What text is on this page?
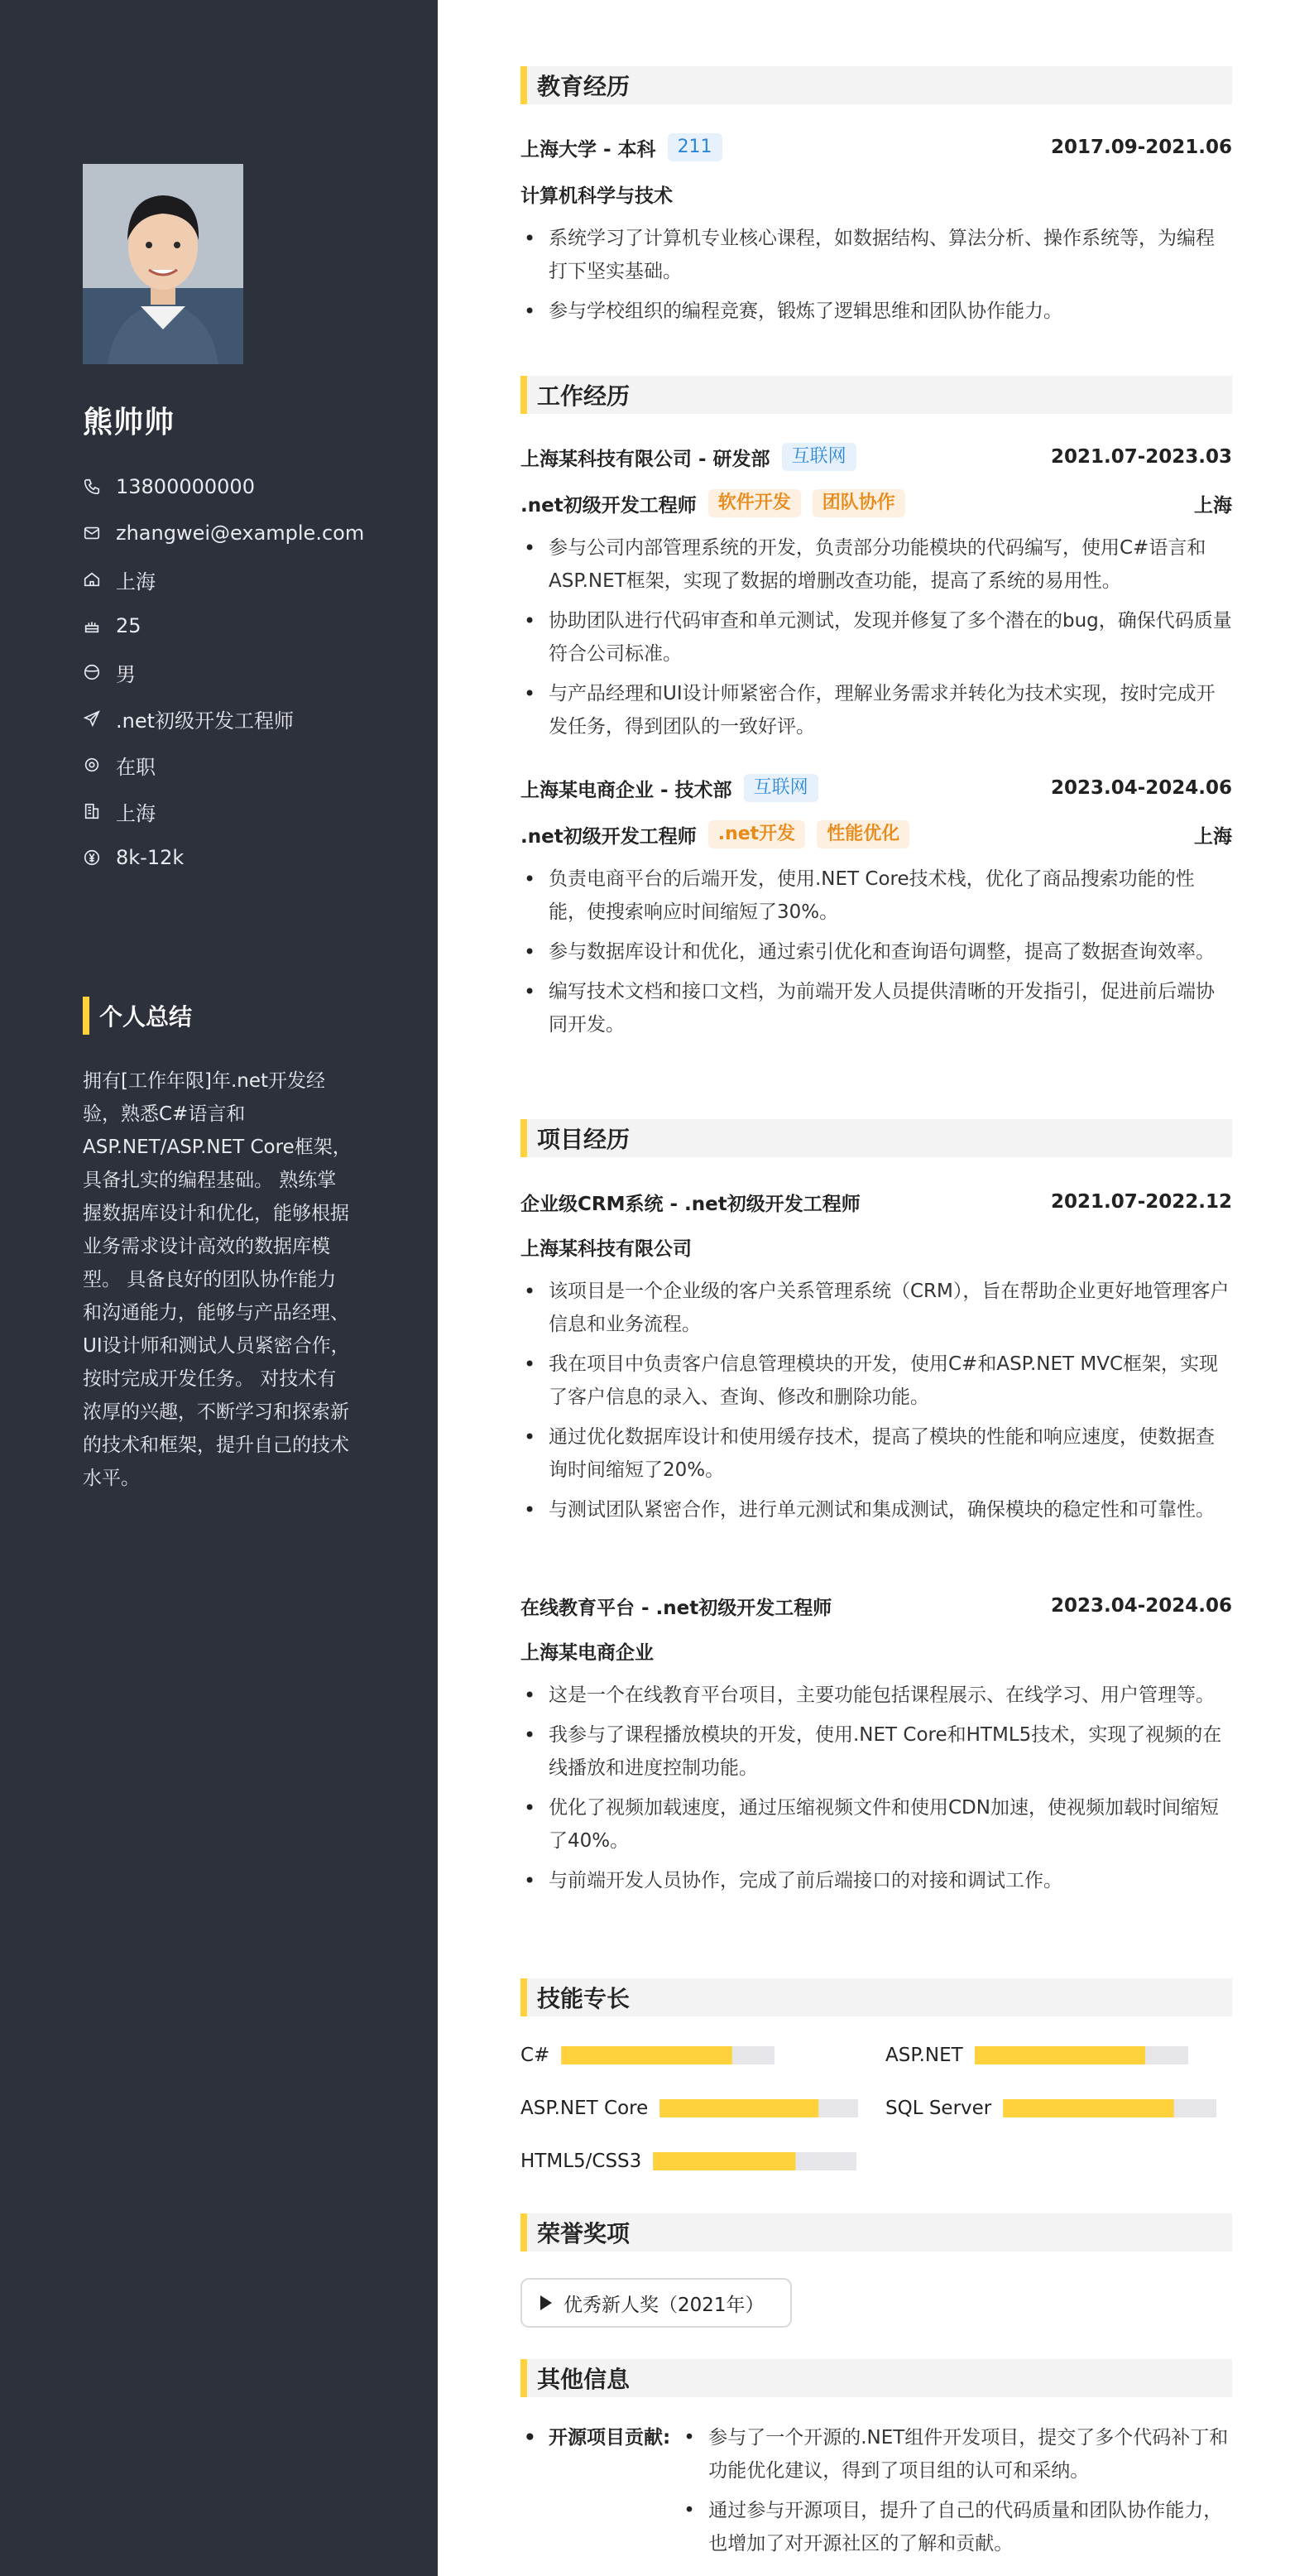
熊帅帅
13800000000
zhangwei@example.com
上海
25
男
.net初级开发工程师
在职
上海
8k-12k
个人总结

拥有[工作年限]年.net开发经验，熟悉C#语言和ASP.NET/ASP.NET Core框架，具备扎实的编程基础。 熟练掌握数据库设计和优化，能够根据业务需求设计高效的数据库模型。 具备良好的团队协作能力和沟通能力，能够与产品经理、UI设计师和测试人员紧密合作，按时完成开发任务。 对技术有浓厚的兴趣，不断学习和探索新的技术和框架，提升自己的技术水平。

教育经历
上海大学 - 本科	211	2017.09-2021.06
计算机科学与技术
• 系统学习了计算机专业核心课程，如数据结构、算法分析、操作系统等，为编程打下坚实基础。
• 参与学校组织的编程竞赛，锻炼了逻辑思维和团队协作能力。
工作经历
上海某科技有限公司 - 研发部	互联网	2021.07-2023.03
.net初级开发工程师	软件开发	团队协作	上海
• 参与公司内部管理系统的开发，负责部分功能模块的代码编写，使用C#语言和ASP.NET框架，实现了数据的增删改查功能，提高了系统的易用性。
• 协助团队进行代码审查和单元测试，发现并修复了多个潜在的bug，确保代码质量符合公司标准。
• 与产品经理和UI设计师紧密合作，理解业务需求并转化为技术实现，按时完成开发任务，得到团队的一致好评。
上海某电商企业 - 技术部	互联网	2023.04-2024.06
.net初级开发工程师	.net开发	性能优化	上海
• 负责电商平台的后端开发，使用.NET Core技术栈，优化了商品搜索功能的性能，使搜索响应时间缩短了30%。
• 参与数据库设计和优化，通过索引优化和查询语句调整，提高了数据查询效率。
• 编写技术文档和接口文档，为前端开发人员提供清晰的开发指引，促进前后端协同开发。
项目经历
企业级CRM系统 - .net初级开发工程师	2021.07-2022.12
上海某科技有限公司
• 该项目是一个企业级的客户关系管理系统（CRM），旨在帮助企业更好地管理客户信息和业务流程。
• 我在项目中负责客户信息管理模块的开发，使用C#和ASP.NET MVC框架，实现了客户信息的录入、查询、修改和删除功能。
• 通过优化数据库设计和使用缓存技术，提高了模块的性能和响应速度，使数据查询时间缩短了20%。
• 与测试团队紧密合作，进行单元测试和集成测试，确保模块的稳定性和可靠性。
在线教育平台 - .net初级开发工程师	2023.04-2024.06
上海某电商企业
• 这是一个在线教育平台项目，主要功能包括课程展示、在线学习、用户管理等。
• 我参与了课程播放模块的开发，使用.NET Core和HTML5技术，实现了视频的在线播放和进度控制功能。
• 优化了视频加载速度，通过压缩视频文件和使用CDN加速，使视频加载时间缩短了40%。
• 与前端开发人员协作，完成了前后端接口的对接和调试工作。
技能专长
C#	ASP.NET
ASP.NET Core	SQL Server
HTML5/CSS3
荣誉奖项
优秀新人奖（2021年）
其他信息
• 开源项目贡献:
•	参与了一个开源的.NET组件开发项目，提交了多个代码补丁和功能优化建议，得到了项目组的认可和采纳。
• 通过参与开源项目，提升了自己的代码质量和团队协作能力，也增加了对开源社区的了解和贡献。
